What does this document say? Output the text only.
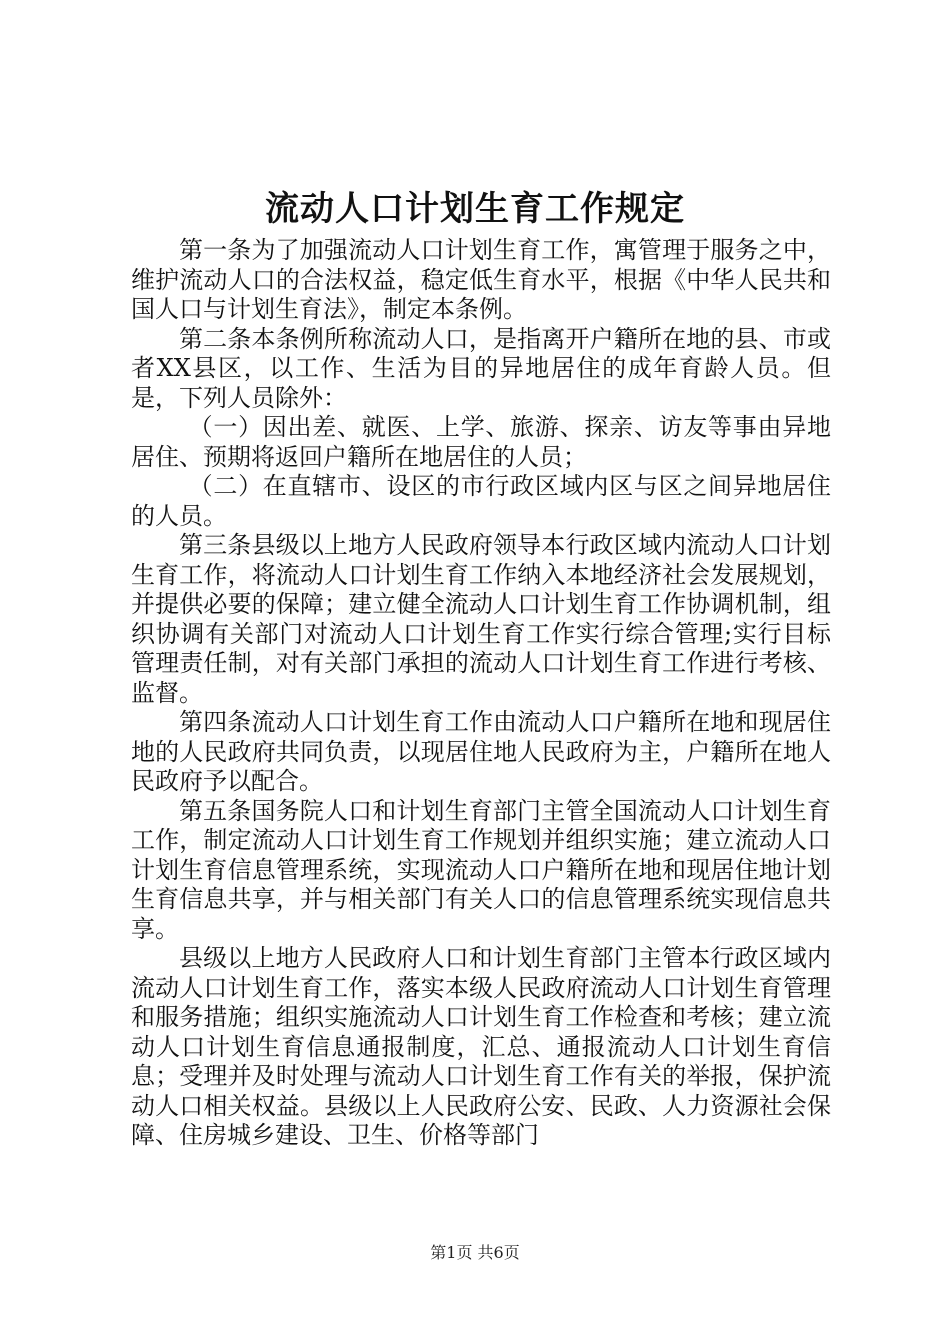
流动人口计划生育工作规定

第一条为了加强流动人口计划生育工作，寓管理于服务之中，维护流动人口的合法权益，稳定低生育水平，根据《中华人民共和国人口与计划生育法》，制定本条例。

第二条本条例所称流动人口，是指离开户籍所在地的县、市或者XX县区，以工作、生活为目的异地居住的成年育龄人员。但是，下列人员除外：

（一）因出差、就医、上学、旅游、探亲、访友等事由异地居住、预期将返回户籍所在地居住的人员；

（二）在直辖市、设区的市行政区域内区与区之间异地居住的人员。

第三条县级以上地方人民政府领导本行政区域内流动人口计划生育工作，将流动人口计划生育工作纳入本地经济社会发展规划，并提供必要的保障；建立健全流动人口计划生育工作协调机制，组织协调有关部门对流动人口计划生育工作实行综合管理;实行目标管理责任制，对有关部门承担的流动人口计划生育工作进行考核、监督。

第四条流动人口计划生育工作由流动人口户籍所在地和现居住地的人民政府共同负责，以现居住地人民政府为主，户籍所在地人民政府予以配合。

第五条国务院人口和计划生育部门主管全国流动人口计划生育工作，制定流动人口计划生育工作规划并组织实施；建立流动人口计划生育信息管理系统，实现流动人口户籍所在地和现居住地计划生育信息共享，并与相关部门有关人口的信息管理系统实现信息共享。

县级以上地方人民政府人口和计划生育部门主管本行政区域内流动人口计划生育工作，落实本级人民政府流动人口计划生育管理和服务措施；组织实施流动人口计划生育工作检查和考核；建立流动人口计划生育信息通报制度，汇总、通报流动人口计划生育信息；受理并及时处理与流动人口计划生育工作有关的举报，保护流动人口相关权益。县级以上人民政府公安、民政、人力资源社会保障、住房城乡建设、卫生、价格等部门

第1页 共6页
